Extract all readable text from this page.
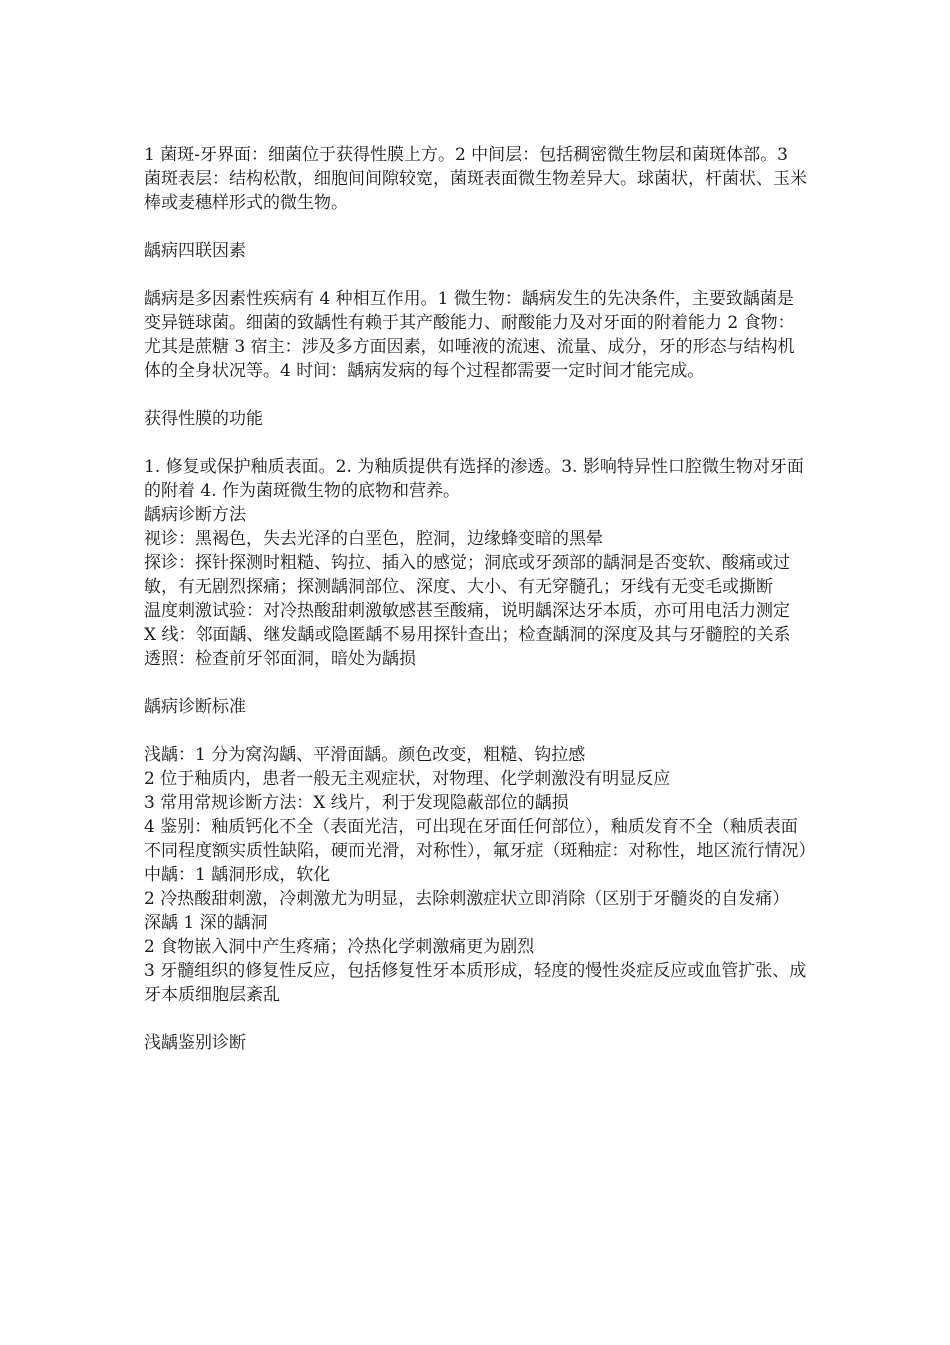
1 菌斑-牙界面：细菌位于获得性膜上方。2 中间层：包括稠密微生物层和菌斑体部。3 菌斑表层：结构松散，细胞间间隙较宽，菌斑表面微生物差异大。球菌状，杆菌状、玉米棒或麦穗样形式的微生物。

龋病四联因素

龋病是多因素性疾病有 4 种相互作用。1 微生物：龋病发生的先决条件，主要致龋菌是变异链球菌。细菌的致龋性有赖于其产酸能力、耐酸能力及对牙面的附着能力 2 食物：尤其是蔗糖 3 宿主：涉及多方面因素，如唾液的流速、流量、成分，牙的形态与结构机体的全身状况等。4 时间：龋病发病的每个过程都需要一定时间才能完成。

获得性膜的功能

1. 修复或保护釉质表面。2. 为釉质提供有选择的渗透。3. 影响特异性口腔微生物对牙面的附着 4. 作为菌斑微生物的底物和营养。

龋病诊断方法

视诊：黑褐色，失去光泽的白垩色，腔洞，边缘蜂变暗的黑晕

探诊：探针探测时粗糙、钩拉、插入的感觉；洞底或牙颈部的龋洞是否变软、酸痛或过敏，有无剧烈探痛；探测龋洞部位、深度、大小、有无穿髓孔；牙线有无变毛或撕断

温度刺激试验：对冷热酸甜刺激敏感甚至酸痛，说明龋深达牙本质，亦可用电活力测定

X 线：邻面龋、继发龋或隐匿龋不易用探针查出；检查龋洞的深度及其与牙髓腔的关系

透照：检查前牙邻面洞，暗处为龋损

龋病诊断标准

浅龋：1 分为窝沟龋、平滑面龋。颜色改变，粗糙、钩拉感

2 位于釉质内，患者一般无主观症状，对物理、化学刺激没有明显反应

3 常用常规诊断方法：X 线片，利于发现隐蔽部位的龋损

4 鉴别：釉质钙化不全（表面光洁，可出现在牙面任何部位），釉质发育不全（釉质表面不同程度额实质性缺陷，硬而光滑，对称性），氟牙症（斑釉症：对称性，地区流行情况）

中龋：1 龋洞形成，软化

2 冷热酸甜刺激，冷刺激尤为明显，去除刺激症状立即消除（区别于牙髓炎的自发痛）

深龋 1 深的龋洞

2 食物嵌入洞中产生疼痛；冷热化学刺激痛更为剧烈

3 牙髓组织的修复性反应，包括修复性牙本质形成，轻度的慢性炎症反应或血管扩张、成牙本质细胞层紊乱

浅龋鉴别诊断
